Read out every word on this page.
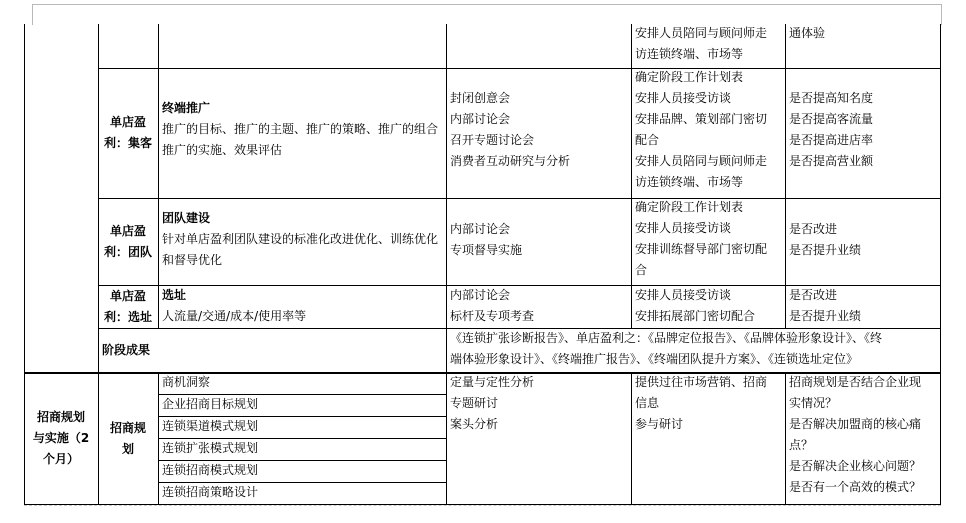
安排人员陪同与顾问师走
访连锁终端、市场等
通体验
单店盈
利：集客
终端推广
推广的目标、推广的主题、推广的策略、推广的组合
推广的实施、效果评估
封闭创意会
内部讨论会
召开专题讨论会
消费者互动研究与分析
确定阶段工作计划表
安排人员接受访谈
安排品牌、策划部门密切
配合
安排人员陪同与顾问师走
访连锁终端、市场等
是否提高知名度
是否提高客流量
是否提高进店率
是否提高营业额
单店盈
利：团队
团队建设
针对单店盈利团队建设的标准化改进优化、训练优化
和督导优化
内部讨论会
专项督导实施
确定阶段工作计划表
安排人员接受访谈
安排训练督导部门密切配
合
是否改进
是否提升业绩
单店盈
利：选址
选址
人流量/交通/成本/使用率等
内部讨论会
标杆及专项考查
安排人员接受访谈
安排拓展部门密切配合
是否改进
是否提升业绩
阶段成果
《连锁扩张诊断报告》、单店盈利之：《品牌定位报告》、《品牌体验形象设计》、《终
端体验形象设计》、《终端推广报告》、《终端团队提升方案》、《连锁选址定位》
招商规划
与实施（2
个月）
招商规
划
商机洞察
企业招商目标规划
连锁渠道模式规划
连锁扩张模式规划
连锁招商模式规划
连锁招商策略设计
定量与定性分析
专题研讨
案头分析
提供过往市场营销、招商
信息
参与研讨
招商规划是否结合企业现
实情况？
是否解决加盟商的核心痛
点？
是否解决企业核心问题？
是否有一个高效的模式？
